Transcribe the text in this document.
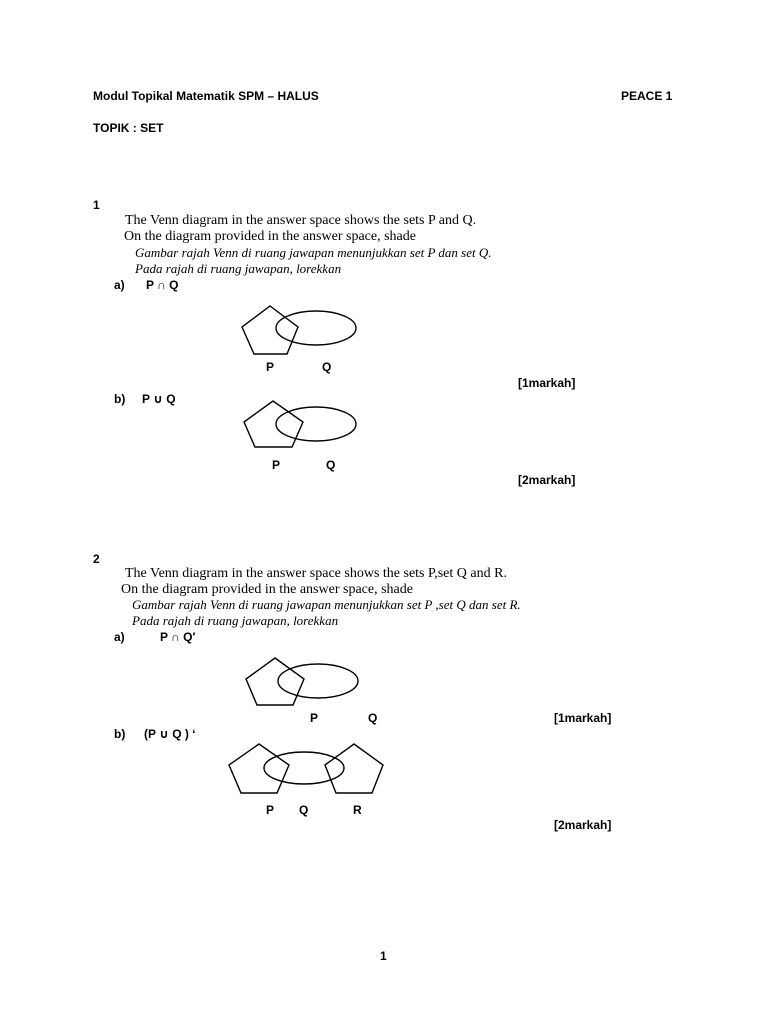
Modul Topikal Matematik SPM – HALUS	PEACE 1
TOPIK : SET
1
The Venn diagram in the answer space shows the sets P and Q.
On the diagram provided in the answer space, shade
Gambar rajah Venn di ruang jawapan menunjukkan set P dan set Q.
Pada rajah di ruang jawapan, lorekkan
a) P ∩ Q
P	Q
[1markah]
b) P ∪ Q
P	Q
[2markah]
2
The Venn diagram in the answer space shows the sets P,set Q and R.
On the diagram provided in the answer space, shade
Gambar rajah Venn di ruang jawapan menunjukkan set P ,set Q dan set R.
Pada rajah di ruang jawapan, lorekkan
a)	P ∩ Q′
P	Q	[1markah]
b) (P ∪ Q ) ‘
P Q	R
[2markah]
1
